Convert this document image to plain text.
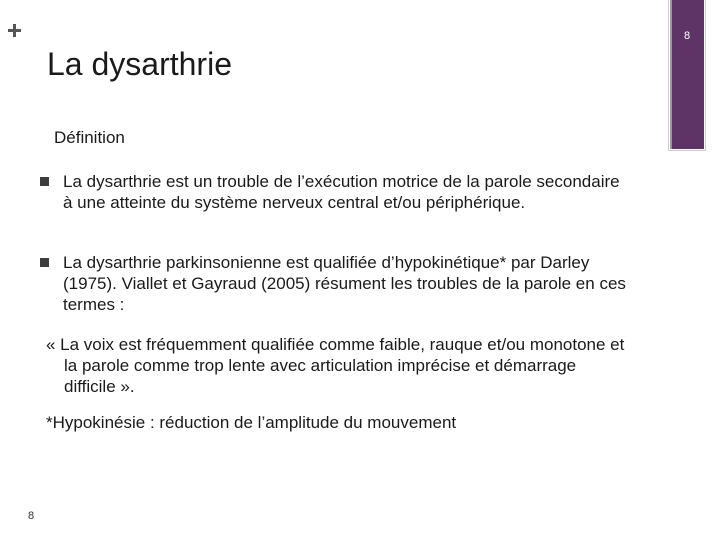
8
La dysarthrie
Définition
La dysarthrie est un trouble de l’exécution motrice de la parole secondaire à une atteinte du système nerveux central et/ou périphérique.
La dysarthrie parkinsonienne est qualifiée d’hypokinétique* par Darley (1975). Viallet et Gayraud (2005) résument les troubles de la parole en ces termes :
« La voix est fréquemment qualifiée comme faible, rauque et/ou monotone et la parole comme trop lente avec articulation imprécise et démarrage difficile ».
*Hypokinésie : réduction de l’amplitude du mouvement
8
